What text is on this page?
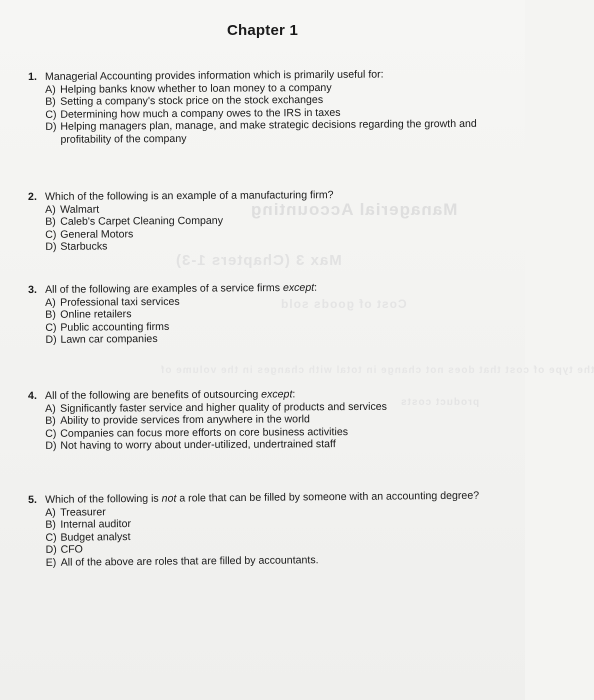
Managerial Accounting
Max 3 (Chapters 1-3)
Cost of goods sold
the type of cost that does not change in total with changes in the volume of
product costs
Chapter 1
1. Managerial Accounting provides information which is primarily useful for:
A) Helping banks know whether to loan money to a company
B) Setting a company's stock price on the stock exchanges
C) Determining how much a company owes to the IRS in taxes
D) Helping managers plan, manage, and make strategic decisions regarding the growth and profitability of the company
2. Which of the following is an example of a manufacturing firm?
A) Walmart
B) Caleb's Carpet Cleaning Company
C) General Motors
D) Starbucks
3. All of the following are examples of a service firms except:
A) Professional taxi services
B) Online retailers
C) Public accounting firms
D) Lawn car companies
4. All of the following are benefits of outsourcing except:
A) Significantly faster service and higher quality of products and services
B) Ability to provide services from anywhere in the world
C) Companies can focus more efforts on core business activities
D) Not having to worry about under-utilized, undertrained staff
5. Which of the following is not a role that can be filled by someone with an accounting degree?
A) Treasurer
B) Internal auditor
C) Budget analyst
D) CFO
E) All of the above are roles that are filled by accountants.
